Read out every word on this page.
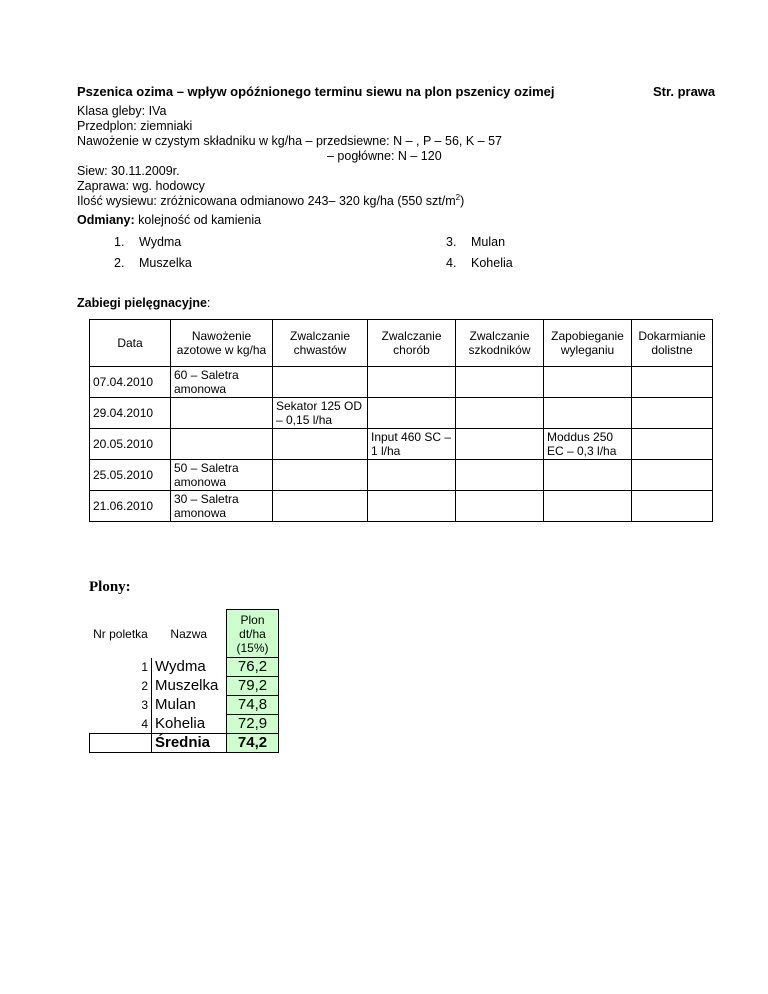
Pszenica ozima – wpływ opóźnionego terminu siewu na plon pszenicy ozimej	Str. prawa
Klasa gleby: IVa
Przedplon: ziemniaki
Nawożenie w czystym składniku w kg/ha – przedsiewne: N – , P – 56, K – 57
– pogłówne: N – 120
Siew: 30.11.2009r.
Zaprawa: wg. hodowcy
Ilość wysiewu: zróżnicowana odmianowo 243– 320 kg/ha (550 szt/$m^2$)
Odmiany: kolejność od kamienia
1. Wydma
2. Muszelka
3. Mulan
4. Kohelia
Zabiegi pielęgnacyjne:
Data	Nawożenie azotowe w kg/ha	Zwalczanie chwastów	Zwalczanie chorób	Zwalczanie szkodników	Zapobieganie wyleganiu	Dokarmianie dolistne
07.04.2010	60 – Saletra amonowa					
29.04.2010		Sekator 125 OD – 0,15 l/ha				
20.05.2010			Input 460 SC – 1 l/ha		Moddus 250 EC – 0,3 l/ha	
25.05.2010	50 – Saletra amonowa					
21.06.2010	30 – Saletra amonowa					
Plony:
Nr poletka	Nazwa	Plon dt/ha (15%)
1	Wydma	76,2
2	Muszelka	79,2
3	Mulan	74,8
4	Kohelia	72,9
	Średnia	74,2
